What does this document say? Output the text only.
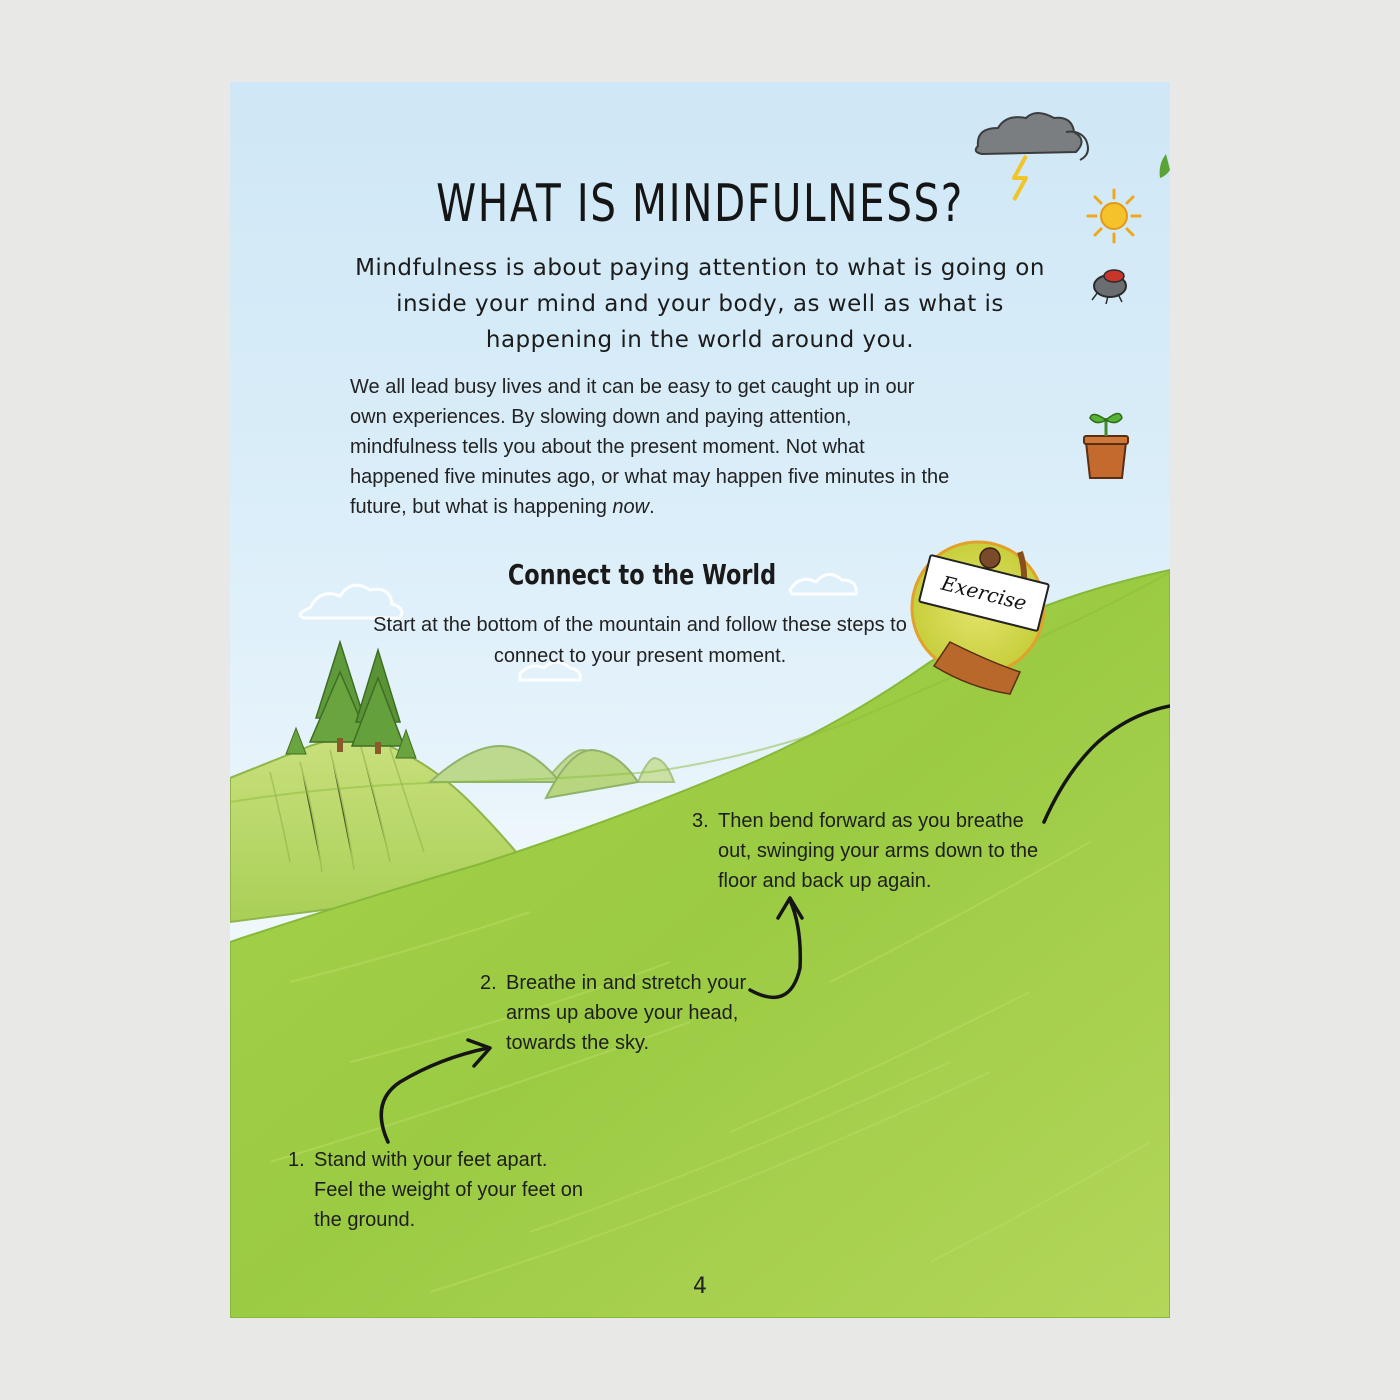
WHAT IS MINDFULNESS?

Mindfulness is about paying attention to what is going on inside your mind and your body, as well as what is happening in the world around you.

We all lead busy lives and it can be easy to get caught up in our own experiences. By slowing down and paying attention, mindfulness tells you about the present moment. Not what happened five minutes ago, or what may happen five minutes in the future, but what is happening now.

Connect to the World

Start at the bottom of the mountain and follow these steps to connect to your present moment.

Exercise
1. Stand with your feet apart. Feel the weight of your feet on the ground.
2. Breathe in and stretch your arms up above your head, towards the sky.
3. Then bend forward as you breathe out, swinging your arms down to the floor and back up again.
4
